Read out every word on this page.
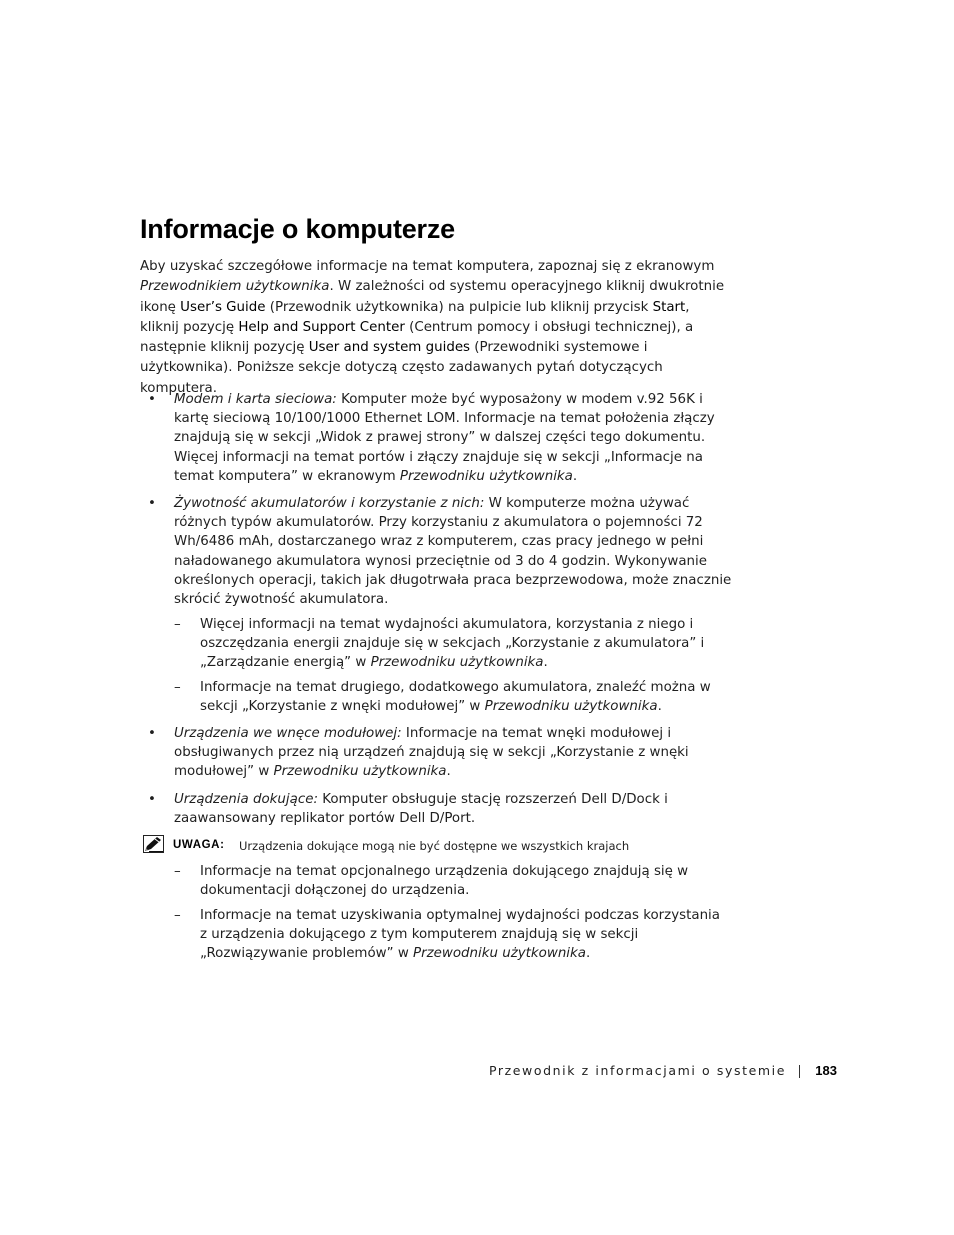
Informacje o komputerze

Aby uzyskać szczegółowe informacje na temat komputera, zapoznaj się z ekranowym Przewodnikiem użytkownika. W zależności od systemu operacyjnego kliknij dwukrotnie ikonę User’s Guide (Przewodnik użytkownika) na pulpicie lub kliknij przycisk Start, kliknij pozycję Help and Support Center (Centrum pomocy i obsługi technicznej), a następnie kliknij pozycję User and system guides (Przewodniki systemowe i użytkownika). Poniższe sekcje dotyczą często zadawanych pytań dotyczących komputera.

• Modem i karta sieciowa: Komputer może być wyposażony w modem v.92 56K i kartę sieciową 10/100/1000 Ethernet LOM. Informacje na temat położenia złączy znajdują się w sekcji „Widok z prawej strony” w dalszej części tego dokumentu. Więcej informacji na temat portów i złączy znajduje się w sekcji „Informacje na temat komputera” w ekranowym Przewodniku użytkownika.
• Żywotność akumulatorów i korzystanie z nich: W komputerze można używać różnych typów akumulatorów. Przy korzystaniu z akumulatora o pojemności 72 Wh/6486 mAh, dostarczanego wraz z komputerem, czas pracy jednego w pełni naładowanego akumulatora wynosi przeciętnie od 3 do 4 godzin. Wykonywanie określonych operacji, takich jak długotrwała praca bezprzewodowa, może znacznie skrócić żywotność akumulatora.
– Więcej informacji na temat wydajności akumulatora, korzystania z niego i oszczędzania energii znajduje się w sekcjach „Korzystanie z akumulatora” i „Zarządzanie energią” w Przewodniku użytkownika.
– Informacje na temat drugiego, dodatkowego akumulatora, znaleźć można w sekcji „Korzystanie z wnęki modułowej” w Przewodniku użytkownika.
• Urządzenia we wnęce modułowej: Informacje na temat wnęki modułowej i obsługiwanych przez nią urządzeń znajdują się w sekcji „Korzystanie z wnęki modułowej” w Przewodniku użytkownika.
• Urządzenia dokujące: Komputer obsługuje stację rozszerzeń Dell D/Dock i zaawansowany replikator portów Dell D/Port.
UWAGA: Urządzenia dokujące mogą nie być dostępne we wszystkich krajach
– Informacje na temat opcjonalnego urządzenia dokującego znajdują się w dokumentacji dołączonej do urządzenia.
– Informacje na temat uzyskiwania optymalnej wydajności podczas korzystania z urządzenia dokującego z tym komputerem znajdują się w sekcji „Rozwiązywanie problemów” w Przewodniku użytkownika.
Przewodnik z informacjami o systemie 183
